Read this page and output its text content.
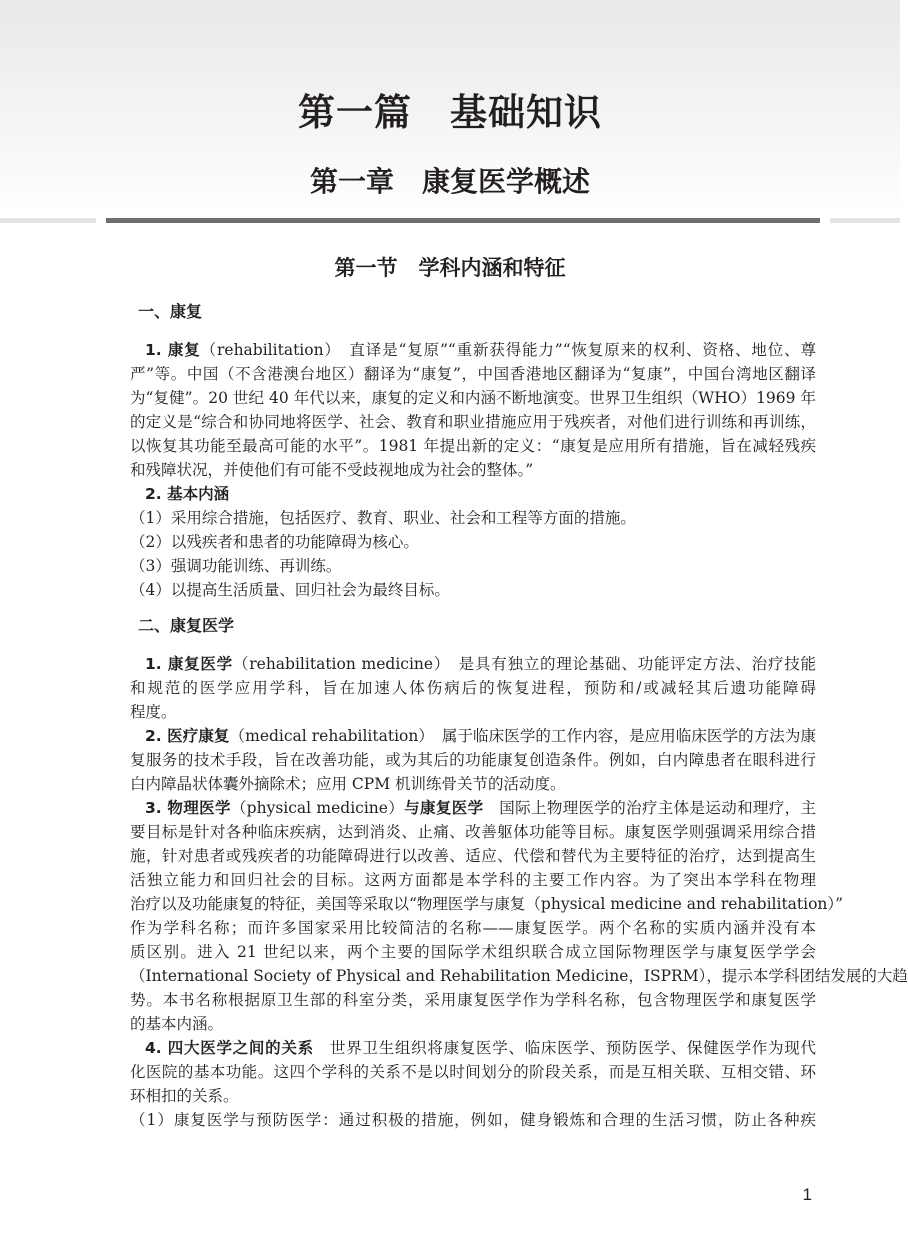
第一篇　基础知识
第一章　康复医学概述
第一节　学科内涵和特征
一、康复
1. 康复（rehabilitation）　直译是“复原”“重新获得能力”“恢复原来的权利、资格、地位、尊
严”等。中国（不含港澳台地区）翻译为“康复”，中国香港地区翻译为“复康”，中国台湾地区翻译
为“复健”。20 世纪 40 年代以来，康复的定义和内涵不断地演变。世界卫生组织（WHO）1969 年
的定义是“综合和协同地将医学、社会、教育和职业措施应用于残疾者，对他们进行训练和再训练，
以恢复其功能至最高可能的水平”。1981 年提出新的定义：“康复是应用所有措施，旨在减轻残疾
和残障状况，并使他们有可能不受歧视地成为社会的整体。”
2. 基本内涵
（1）采用综合措施，包括医疗、教育、职业、社会和工程等方面的措施。
（2）以残疾者和患者的功能障碍为核心。
（3）强调功能训练、再训练。
（4）以提高生活质量、回归社会为最终目标。
二、康复医学
1. 康复医学（rehabilitation medicine）　是具有独立的理论基础、功能评定方法、治疗技能
和规范的医学应用学科，旨在加速人体伤病后的恢复进程，预防和/或减轻其后遗功能障碍
程度。
2. 医疗康复（medical rehabilitation）　属于临床医学的工作内容，是应用临床医学的方法为康
复服务的技术手段，旨在改善功能，或为其后的功能康复创造条件。例如，白内障患者在眼科进行
白内障晶状体囊外摘除术；应用 CPM 机训练骨关节的活动度。
3. 物理医学（physical medicine）与康复医学　国际上物理医学的治疗主体是运动和理疗，主
要目标是针对各种临床疾病，达到消炎、止痛、改善躯体功能等目标。康复医学则强调采用综合措
施，针对患者或残疾者的功能障碍进行以改善、适应、代偿和替代为主要特征的治疗，达到提高生
活独立能力和回归社会的目标。这两方面都是本学科的主要工作内容。为了突出本学科在物理
治疗以及功能康复的特征，美国等采取以“物理医学与康复（physical medicine and rehabilitation）”
作为学科名称；而许多国家采用比较简洁的名称——康复医学。两个名称的实质内涵并没有本
质区别。进入 21 世纪以来，两个主要的国际学术组织联合成立国际物理医学与康复医学学会
（International Society of Physical and Rehabilitation Medicine，ISPRM），提示本学科团结发展的大趋
势。本书名称根据原卫生部的科室分类，采用康复医学作为学科名称，包含物理医学和康复医学
的基本内涵。
4. 四大医学之间的关系　世界卫生组织将康复医学、临床医学、预防医学、保健医学作为现代
化医院的基本功能。这四个学科的关系不是以时间划分的阶段关系，而是互相关联、互相交错、环
环相扣的关系。
（1）康复医学与预防医学：通过积极的措施，例如，健身锻炼和合理的生活习惯，防止各种疾
1
